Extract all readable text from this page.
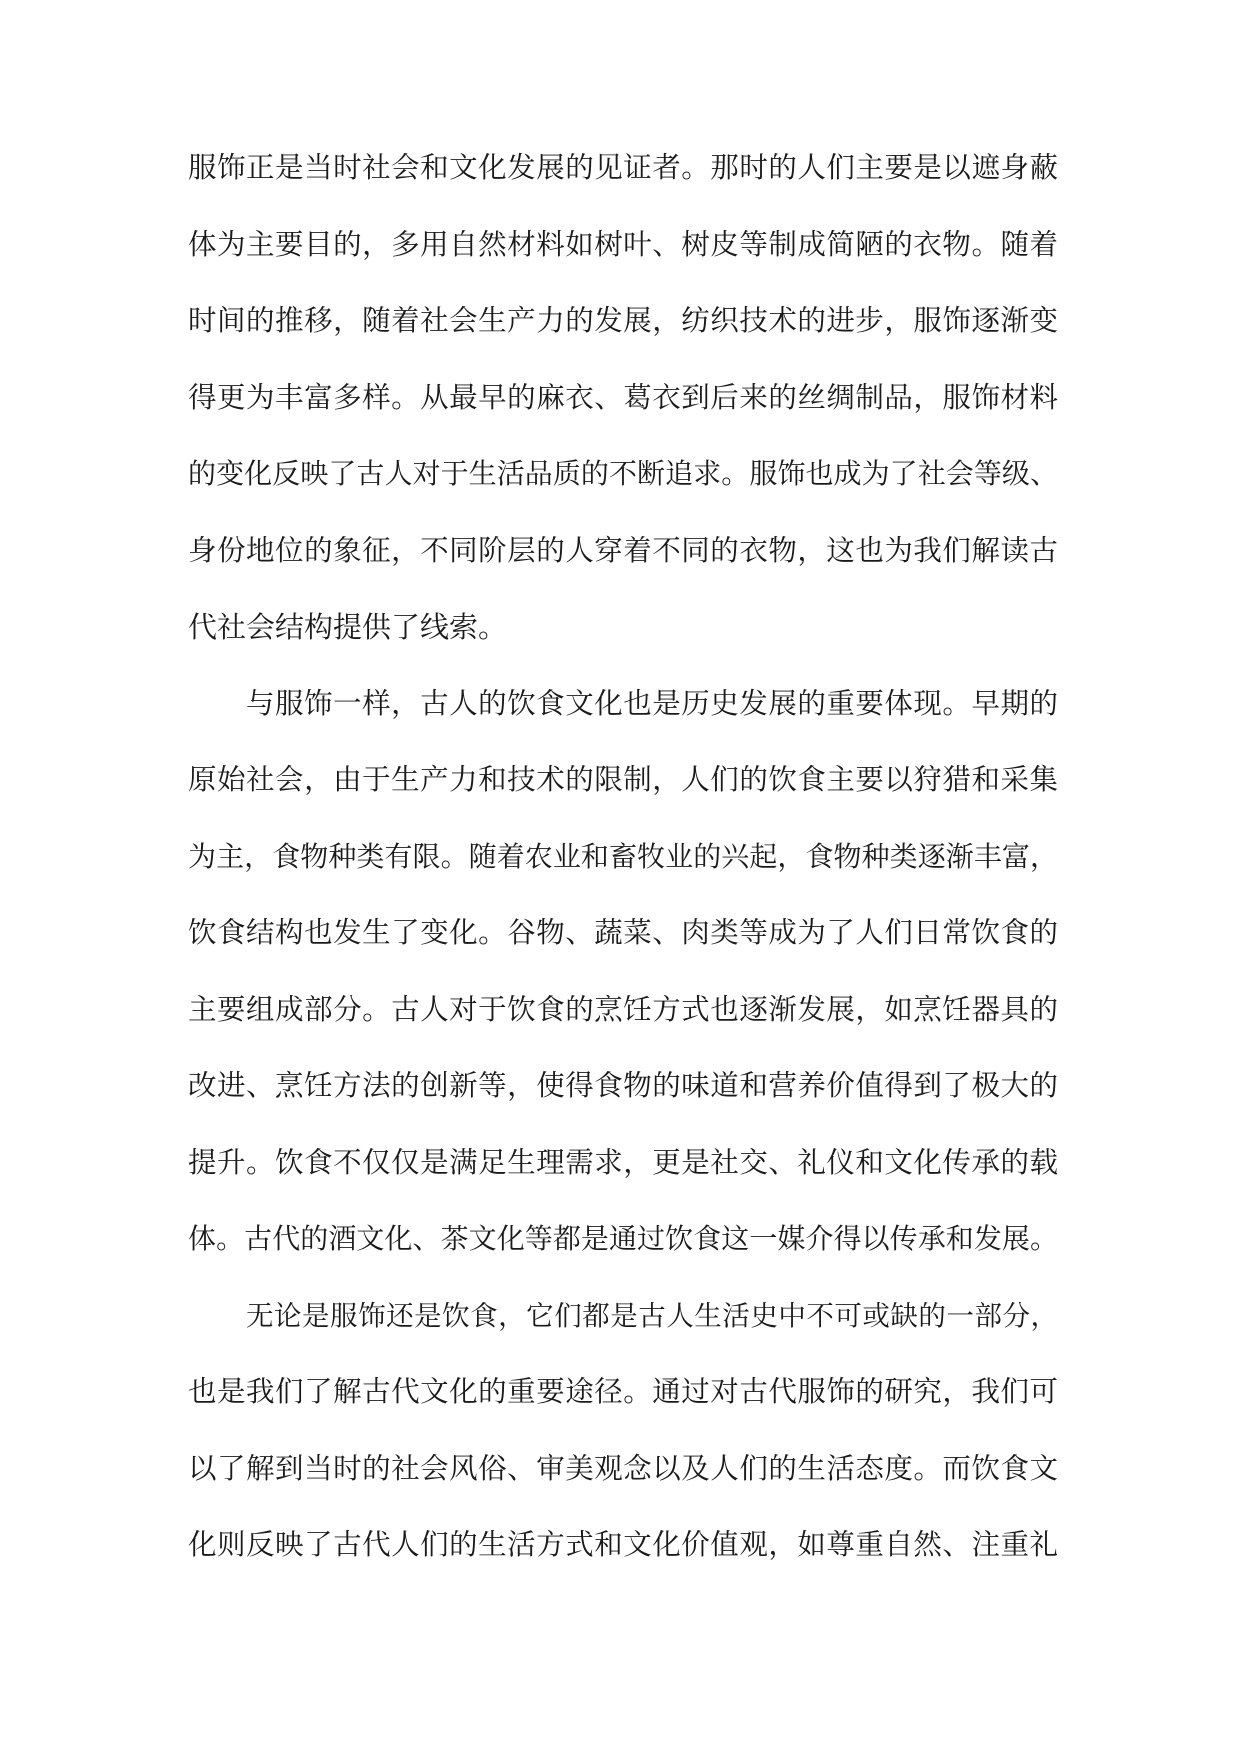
服饰正是当时社会和文化发展的见证者。那时的人们主要是以遮身蔽
体为主要目的，多用自然材料如树叶、树皮等制成简陋的衣物。随着
时间的推移，随着社会生产力的发展，纺织技术的进步，服饰逐渐变
得更为丰富多样。从最早的麻衣、葛衣到后来的丝绸制品，服饰材料
的变化反映了古人对于生活品质的不断追求。服饰也成为了社会等级、
身份地位的象征，不同阶层的人穿着不同的衣物，这也为我们解读古
代社会结构提供了线索。
与服饰一样，古人的饮食文化也是历史发展的重要体现。早期的
原始社会，由于生产力和技术的限制，人们的饮食主要以狩猎和采集
为主，食物种类有限。随着农业和畜牧业的兴起，食物种类逐渐丰富，
饮食结构也发生了变化。谷物、蔬菜、肉类等成为了人们日常饮食的
主要组成部分。古人对于饮食的烹饪方式也逐渐发展，如烹饪器具的
改进、烹饪方法的创新等，使得食物的味道和营养价值得到了极大的
提升。饮食不仅仅是满足生理需求，更是社交、礼仪和文化传承的载
体。古代的酒文化、茶文化等都是通过饮食这一媒介得以传承和发展。
无论是服饰还是饮食，它们都是古人生活史中不可或缺的一部分，
也是我们了解古代文化的重要途径。通过对古代服饰的研究，我们可
以了解到当时的社会风俗、审美观念以及人们的生活态度。而饮食文
化则反映了古代人们的生活方式和文化价值观，如尊重自然、注重礼
